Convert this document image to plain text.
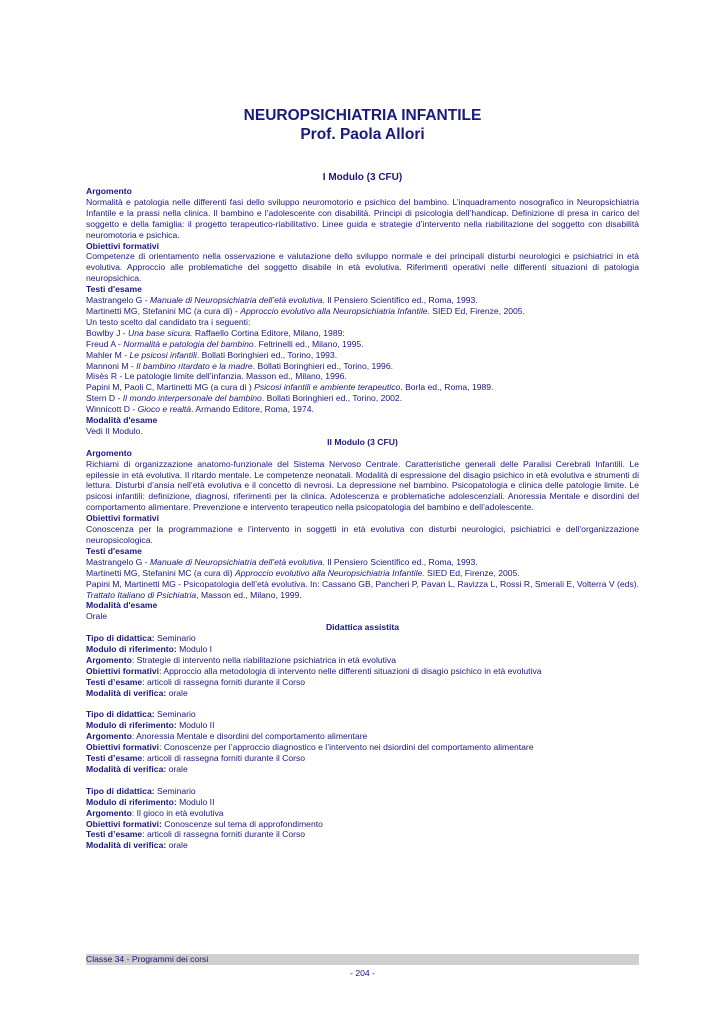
NEUROPSICHIATRIA INFANTILE

Prof. Paola Allori

I Modulo (3 CFU)
Argomento

Normalità e patologia nelle differenti fasi dello sviluppo neuromotorio e psichico del bambino. L’inquadramento nosografico in Neuropsichiatria Infantile e la prassi nella clinica. Il bambino e l’adolescente con disabilità. Principi di psicologia dell’handicap. Definizione di presa in carico del soggetto e della famiglia: il progetto terapeutico-riabilitativo. Linee guida e strategie d’intervento nella riabilitazione del soggetto con disabilità neuromotoria e psichica.

Obiettivi formativi

Competenze di orientamento nella osservazione e valutazione dello sviluppo normale e dei principali disturbi neurologici e psichiatrici in età evolutiva. Approccio alle problematiche del soggetto disabile in età evolutiva. Riferimenti operativi nelle differenti situazioni di patologia neuropsichica.

Testi d'esame

Mastrangelo G - Manuale di Neuropsichiatria dell’età evolutiva. Il Pensiero Scientifico ed., Roma, 1993.

Martinetti MG, Stefanini MC (a cura di) - Approccio evolutivo alla Neuropsichiatria Infantile. SIED Ed, Firenze, 2005.

Un testo scelto dal candidato tra i seguenti:

Bowlby J - Una base sicura. Raffaello Cortina Editore, Milano, 1989:

Freud A - Normalità e patologia del bambino. Feltrinelli ed., Milano, 1995.

Mahler M - Le psicosi infantili. Bollati Boringhieri ed., Torino, 1993.

Mannoni M - Il bambino ritardato e la madre. Bollati Boringhieri ed., Torino, 1996.

Misès R - Le patologie limite dell’infanzia. Masson ed., Milano, 1996.

Papini M, Paoli C, Martinetti MG (a cura di ) Psicosi infantili e ambiente terapeutico. Borla ed., Roma, 1989.

Stern D - Il mondo interpersonale del bambino. Bollati Boringhieri ed., Torino, 2002.

Winnicott D - Gioco e realtà. Armando Editore, Roma, 1974.

Modalità d'esame

Vedi II Modulo.

II Modulo (3 CFU)
Argomento

Richiami di organizzazione anatomo-funzionale del Sistema Nervoso Centrale. Caratteristiche generali delle Paralisi Cerebrali Infantili. Le epilessie in età evolutiva. Il ritardo mentale. Le competenze neonatali. Modalità di espressione del disagio psichico in età evolutiva e strumenti di lettura. Disturbi d’ansia nell’età evolutiva e il concetto di nevrosi. La depressione nel bambino. Psicopatologia e clinica delle patologie limite. Le psicosi infantili: definizione, diagnosi, riferimenti per la clinica. Adolescenza e problematiche adolescenziali. Anoressia Mentale e disordini del comportamento alimentare. Prevenzione e intervento terapeutico nella psicopatologia del bambino e dell’adolescente.

Obiettivi formativi

Conoscenza per la programmazione e l’intervento in soggetti in età evolutiva con disturbi neurologici, psichiatrici e dell’organizzazione neuropsicologica.

Testi d'esame

Mastrangelo G - Manuale di Neuropsichiatria dell’età evolutiva. Il Pensiero Scientifico ed., Roma, 1993.

Martinetti MG, Stefanini MC (a cura di) Approccio evolutivo alla Neuropsichiatria Infantile. SIED Ed, Firenze, 2005.

Papini M, Martinetti MG - Psicopatologia dell’età evolutiva. In: Cassano GB, Pancheri P, Pavan L, Ravizza L, Rossi R, Smerali E, Volterra V (eds). Trattato Italiano di Psichiatria, Masson ed., Milano, 1999.

Modalità d'esame

Orale

Didattica assistita

Tipo di didattica: Seminario

Modulo di riferimento: Modulo I

Argomento: Strategie di intervento nella riabilitazione psichiatrica in età evolutiva

Obiettivi formativi: Approccio alla metodologia di intervento nelle differenti situazioni di disagio psichico in età evolutiva

Testi d’esame: articoli di rassegna forniti durante il Corso

Modalità di verifica: orale

Tipo di didattica: Seminario

Modulo di riferimento: Modulo II

Argomento: Anoressia Mentale e disordini del comportamento alimentare

Obiettivi formativi: Conoscenze per l’approccio diagnostico e l’intervento nei dsiordini del comportamento alimentare

Testi d’esame: articoli di rassegna forniti durante il Corso

Modalità di verifica: orale

Tipo di didattica: Seminario

Modulo di riferimento: Modulo II

Argomento: Il gioco in età evolutiva

Obiettivi formativi: Conoscenze sul tema di approfondimento

Testi d’esame: articoli di rassegna forniti durante il Corso

Modalità di verifica: orale

Classe 34 - Programmi dei corsi
- 204 -
